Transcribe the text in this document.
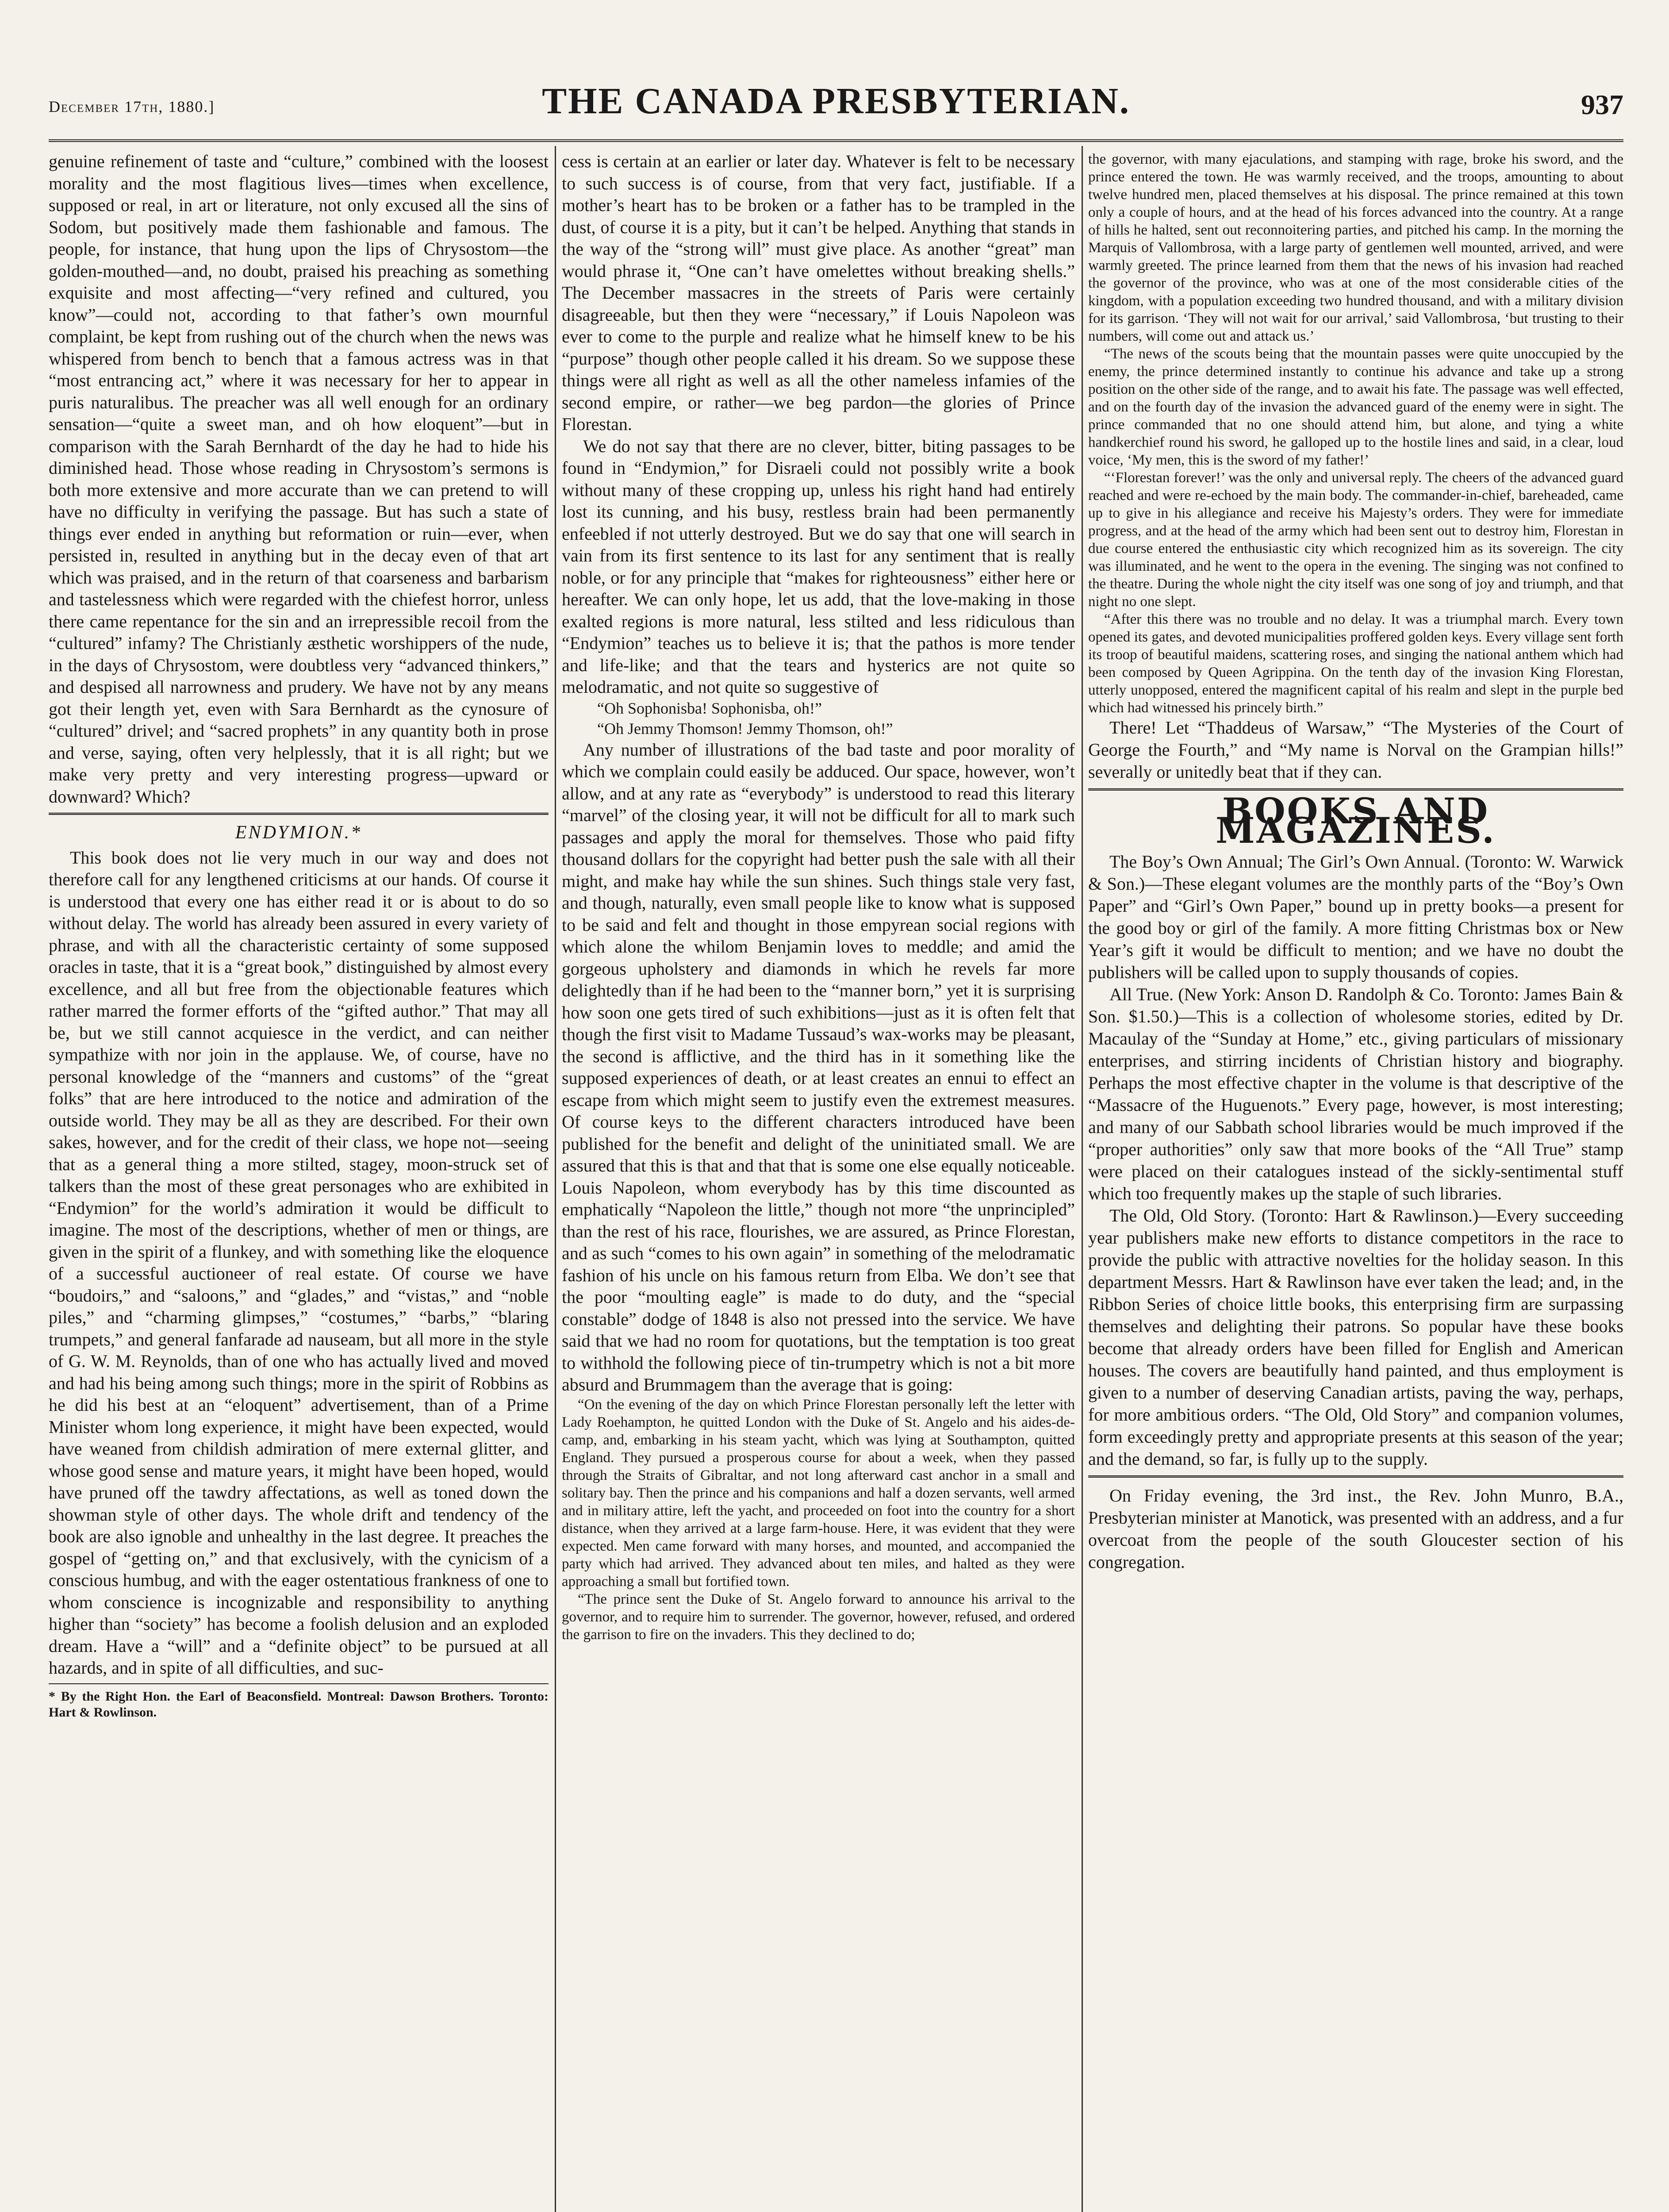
December 17th, 1880.]	THE CANADA PRESBYTERIAN.	937

genuine refinement of taste and “culture,” combined with the loosest morality and the most flagitious lives—times when excellence, supposed or real, in art or literature, not only excused all the sins of Sodom, but positively made them fashionable and famous. The people, for instance, that hung upon the lips of Chrysostom—the golden-mouthed—and, no doubt, praised his preaching as something exquisite and most affecting—“very refined and cultured, you know”—could not, according to that father’s own mournful complaint, be kept from rushing out of the church when the news was whispered from bench to bench that a famous actress was in that “most entrancing act,” where it was necessary for her to appear in puris naturalibus. The preacher was all well enough for an ordinary sensation—“quite a sweet man, and oh how eloquent”—but in comparison with the Sarah Bernhardt of the day he had to hide his diminished head. Those whose reading in Chrysostom’s sermons is both more extensive and more accurate than we can pretend to will have no difficulty in verifying the passage. But has such a state of things ever ended in anything but reformation or ruin—ever, when persisted in, resulted in anything but in the decay even of that art which was praised, and in the return of that coarseness and barbarism and tastelessness which were regarded with the chiefest horror, unless there came repentance for the sin and an irrepressible recoil from the “cultured” infamy? The Christianly æsthetic worshippers of the nude, in the days of Chrysostom, were doubtless very “advanced thinkers,” and despised all narrowness and prudery. We have not by any means got their length yet, even with Sara Bernhardt as the cynosure of “cultured” drivel; and “sacred prophets” in any quantity both in prose and verse, saying, often very helplessly, that it is all right; but we make very pretty and very interesting progress—upward or downward? Which?

ENDYMION.*

This book does not lie very much in our way and does not therefore call for any lengthened criticisms at our hands. Of course it is understood that every one has either read it or is about to do so without delay. The world has already been assured in every variety of phrase, and with all the characteristic certainty of some supposed oracles in taste, that it is a “great book,” distinguished by almost every excellence, and all but free from the objectionable features which rather marred the former efforts of the “gifted author.” That may all be, but we still cannot acquiesce in the verdict, and can neither sympathize with nor join in the applause. We, of course, have no personal knowledge of the “manners and customs” of the “great folks” that are here introduced to the notice and admiration of the outside world. They may be all as they are described. For their own sakes, however, and for the credit of their class, we hope not—seeing that as a general thing a more stilted, stagey, moon-struck set of talkers than the most of these great personages who are exhibited in “Endymion” for the world’s admiration it would be difficult to imagine. The most of the descriptions, whether of men or things, are given in the spirit of a flunkey, and with something like the eloquence of a successful auctioneer of real estate. Of course we have “boudoirs,” and “saloons,” and “glades,” and “vistas,” and “noble piles,” and “charming glimpses,” “costumes,” “barbs,” “blaring trumpets,” and general fanfarade ad nauseam, but all more in the style of G. W. M. Reynolds, than of one who has actually lived and moved and had his being among such things; more in the spirit of Robbins as he did his best at an “eloquent” advertisement, than of a Prime Minister whom long experience, it might have been expected, would have weaned from childish admiration of mere external glitter, and whose good sense and mature years, it might have been hoped, would have pruned off the tawdry affectations, as well as toned down the showman style of other days. The whole drift and tendency of the book are also ignoble and unhealthy in the last degree. It preaches the gospel of “getting on,” and that exclusively, with the cynicism of a conscious humbug, and with the eager ostentatious frankness of one to whom conscience is incognizable and responsibility to anything higher than “society” has become a foolish delusion and an exploded dream. Have a “will” and a “definite object” to be pursued at all hazards, and in spite of all difficulties, and suc-

* By the Right Hon. the Earl of Beaconsfield. Montreal: Dawson Brothers. Toronto: Hart & Rowlinson.

cess is certain at an earlier or later day. Whatever is felt to be necessary to such success is of course, from that very fact, justifiable. If a mother’s heart has to be broken or a father has to be trampled in the dust, of course it is a pity, but it can’t be helped. Anything that stands in the way of the “strong will” must give place. As another “great” man would phrase it, “One can’t have omelettes without breaking shells.” The December massacres in the streets of Paris were certainly disagreeable, but then they were “necessary,” if Louis Napoleon was ever to come to the purple and realize what he himself knew to be his “purpose” though other people called it his dream. So we suppose these things were all right as well as all the other nameless infamies of the second empire, or rather—we beg pardon—the glories of Prince Florestan.

We do not say that there are no clever, bitter, biting passages to be found in “Endymion,” for Disraeli could not possibly write a book without many of these cropping up, unless his right hand had entirely lost its cunning, and his busy, restless brain had been permanently enfeebled if not utterly destroyed. But we do say that one will search in vain from its first sentence to its last for any sentiment that is really noble, or for any principle that “makes for righteousness” either here or hereafter. We can only hope, let us add, that the love-making in those exalted regions is more natural, less stilted and less ridiculous than “Endymion” teaches us to believe it is; that the pathos is more tender and life-like; and that the tears and hysterics are not quite so melodramatic, and not quite so suggestive of

“Oh Sophonisba! Sophonisba, oh!”
“Oh Jemmy Thomson! Jemmy Thomson, oh!”

Any number of illustrations of the bad taste and poor morality of which we complain could easily be adduced. Our space, however, won’t allow, and at any rate as “everybody” is understood to read this literary “marvel” of the closing year, it will not be difficult for all to mark such passages and apply the moral for themselves. Those who paid fifty thousand dollars for the copyright had better push the sale with all their might, and make hay while the sun shines. Such things stale very fast, and though, naturally, even small people like to know what is supposed to be said and felt and thought in those empyrean social regions with which alone the whilom Benjamin loves to meddle; and amid the gorgeous upholstery and diamonds in which he revels far more delightedly than if he had been to the “manner born,” yet it is surprising how soon one gets tired of such exhibitions—just as it is often felt that though the first visit to Madame Tussaud’s wax-works may be pleasant, the second is afflictive, and the third has in it something like the supposed experiences of death, or at least creates an ennui to effect an escape from which might seem to justify even the extremest measures. Of course keys to the different characters introduced have been published for the benefit and delight of the uninitiated small. We are assured that this is that and that that is some one else equally noticeable. Louis Napoleon, whom everybody has by this time discounted as emphatically “Napoleon the little,” though not more “the unprincipled” than the rest of his race, flourishes, we are assured, as Prince Florestan, and as such “comes to his own again” in something of the melodramatic fashion of his uncle on his famous return from Elba. We don’t see that the poor “moulting eagle” is made to do duty, and the “special constable” dodge of 1848 is also not pressed into the service. We have said that we had no room for quotations, but the temptation is too great to withhold the following piece of tin-trumpetry which is not a bit more absurd and Brummagem than the average that is going:

“On the evening of the day on which Prince Florestan personally left the letter with Lady Roehampton, he quitted London with the Duke of St. Angelo and his aides-de-camp, and, embarking in his steam yacht, which was lying at Southampton, quitted England. They pursued a prosperous course for about a week, when they passed through the Straits of Gibraltar, and not long afterward cast anchor in a small and solitary bay. Then the prince and his companions and half a dozen servants, well armed and in military attire, left the yacht, and proceeded on foot into the country for a short distance, when they arrived at a large farm-house. Here, it was evident that they were expected. Men came forward with many horses, and mounted, and accompanied the party which had arrived. They advanced about ten miles, and halted as they were approaching a small but fortified town.

“The prince sent the Duke of St. Angelo forward to announce his arrival to the governor, and to require him to surrender. The governor, however, refused, and ordered the garrison to fire on the invaders. This they declined to do;

the governor, with many ejaculations, and stamping with rage, broke his sword, and the prince entered the town. He was warmly received, and the troops, amounting to about twelve hundred men, placed themselves at his disposal. The prince remained at this town only a couple of hours, and at the head of his forces advanced into the country. At a range of hills he halted, sent out reconnoitering parties, and pitched his camp. In the morning the Marquis of Vallombrosa, with a large party of gentlemen well mounted, arrived, and were warmly greeted. The prince learned from them that the news of his invasion had reached the governor of the province, who was at one of the most considerable cities of the kingdom, with a population exceeding two hundred thousand, and with a military division for its garrison. ‘They will not wait for our arrival,’ said Vallombrosa, ‘but trusting to their numbers, will come out and attack us.’

“The news of the scouts being that the mountain passes were quite unoccupied by the enemy, the prince determined instantly to continue his advance and take up a strong position on the other side of the range, and to await his fate. The passage was well effected, and on the fourth day of the invasion the advanced guard of the enemy were in sight. The prince commanded that no one should attend him, but alone, and tying a white handkerchief round his sword, he galloped up to the hostile lines and said, in a clear, loud voice, ‘My men, this is the sword of my father!’

“‘Florestan forever!’ was the only and universal reply. The cheers of the advanced guard reached and were re-echoed by the main body. The commander-in-chief, bareheaded, came up to give in his allegiance and receive his Majesty’s orders. They were for immediate progress, and at the head of the army which had been sent out to destroy him, Florestan in due course entered the enthusiastic city which recognized him as its sovereign. The city was illuminated, and he went to the opera in the evening. The singing was not confined to the theatre. During the whole night the city itself was one song of joy and triumph, and that night no one slept.

“After this there was no trouble and no delay. It was a triumphal march. Every town opened its gates, and devoted municipalities proffered golden keys. Every village sent forth its troop of beautiful maidens, scattering roses, and singing the national anthem which had been composed by Queen Agrippina. On the tenth day of the invasion King Florestan, utterly unopposed, entered the magnificent capital of his realm and slept in the purple bed which had witnessed his princely birth.”

There! Let “Thaddeus of Warsaw,” “The Mysteries of the Court of George the Fourth,” and “My name is Norval on the Grampian hills!” severally or unitedly beat that if they can.

BOOKS AND MAGAZINES.

The Boy’s Own Annual; The Girl’s Own Annual. (Toronto: W. Warwick & Son.)—These elegant volumes are the monthly parts of the “Boy’s Own Paper” and “Girl’s Own Paper,” bound up in pretty books—a present for the good boy or girl of the family. A more fitting Christmas box or New Year’s gift it would be difficult to mention; and we have no doubt the publishers will be called upon to supply thousands of copies.

All True. (New York: Anson D. Randolph & Co. Toronto: James Bain & Son. $1.50.)—This is a collection of wholesome stories, edited by Dr. Macaulay of the “Sunday at Home,” etc., giving particulars of missionary enterprises, and stirring incidents of Christian history and biography. Perhaps the most effective chapter in the volume is that descriptive of the “Massacre of the Huguenots.” Every page, however, is most interesting; and many of our Sabbath school libraries would be much improved if the “proper authorities” only saw that more books of the “All True” stamp were placed on their catalogues instead of the sickly-sentimental stuff which too frequently makes up the staple of such libraries.

The Old, Old Story. (Toronto: Hart & Rawlinson.)—Every succeeding year publishers make new efforts to distance competitors in the race to provide the public with attractive novelties for the holiday season. In this department Messrs. Hart & Rawlinson have ever taken the lead; and, in the Ribbon Series of choice little books, this enterprising firm are surpassing themselves and delighting their patrons. So popular have these books become that already orders have been filled for English and American houses. The covers are beautifully hand painted, and thus employment is given to a number of deserving Canadian artists, paving the way, perhaps, for more ambitious orders. “The Old, Old Story” and companion volumes, form exceedingly pretty and appropriate presents at this season of the year; and the demand, so far, is fully up to the supply.

On Friday evening, the 3rd inst., the Rev. John Munro, B.A., Presbyterian minister at Manotick, was presented with an address, and a fur overcoat from the people of the south Gloucester section of his congregation.
